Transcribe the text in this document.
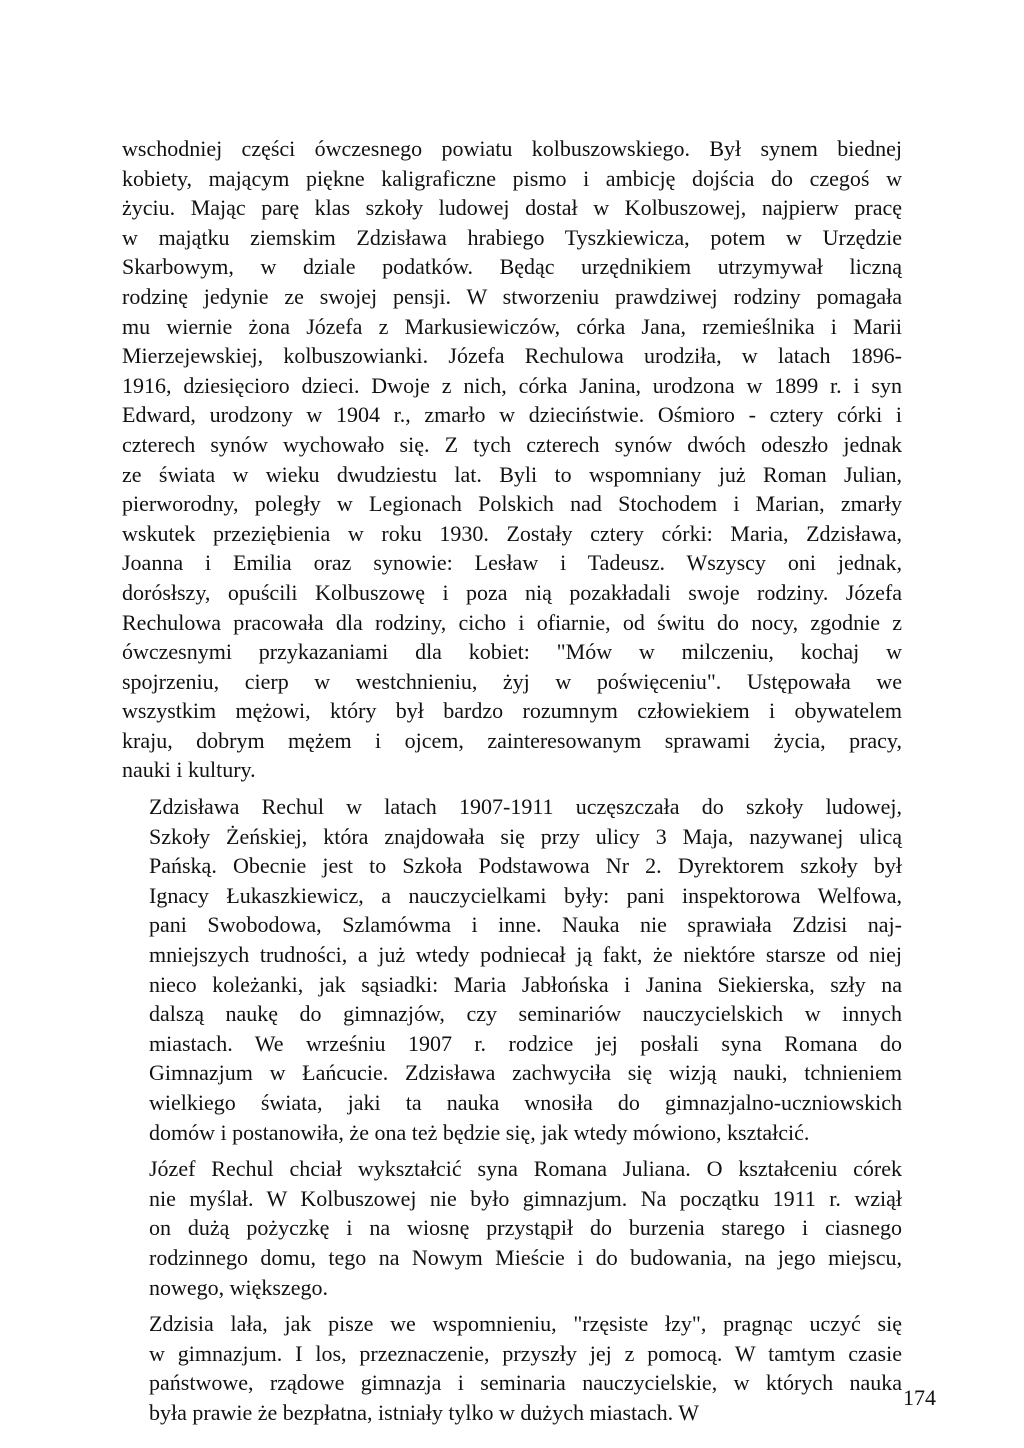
wschodniej części ówczesnego powiatu kolbuszowskiego. Był synem biednej
kobiety, mającym piękne kaligraficzne pismo i ambicję dojścia do czegoś w
życiu. Mając parę klas szkoły ludowej dostał w Kolbuszowej, najpierw pracę
w majątku ziemskim Zdzisława hrabiego Tyszkiewicza, potem w Urzędzie
Skarbowym, w dziale podatków. Będąc urzędnikiem utrzymywał liczną
rodzinę jedynie ze swojej pensji. W stworzeniu prawdziwej rodziny pomagała
mu wiernie żona Józefa z Markusiewiczów, córka Jana, rzemieślnika i Marii
Mierzejewskiej, kolbuszowianki. Józefa Rechulowa urodziła, w latach 1896-
1916, dziesięcioro dzieci. Dwoje z nich, córka Janina, urodzona w 1899 r. i syn
Edward, urodzony w 1904 r., zmarło w dzieciństwie. Ośmioro - cztery córki i
czterech synów wychowało się. Z tych czterech synów dwóch odeszło jednak
ze świata w wieku dwudziestu lat. Byli to wspomniany już Roman Julian,
pierworodny, poległy w Legionach Polskich nad Stochodem i Marian, zmarły
wskutek przeziębienia w roku 1930. Zostały cztery córki: Maria, Zdzisława,
Joanna i Emilia oraz synowie: Lesław i Tadeusz. Wszyscy oni jednak,
dorósłszy, opuścili Kolbuszowę i poza nią pozakładali swoje rodziny. Józefa
Rechulowa pracowała dla rodziny, cicho i ofiarnie, od świtu do nocy, zgodnie z
ówczesnymi przykazaniami dla kobiet: "Mów w milczeniu, kochaj w
spojrzeniu, cierp w westchnieniu, żyj w poświęceniu". Ustępowała we
wszystkim mężowi, który był bardzo rozumnym człowiekiem i obywatelem
kraju, dobrym mężem i ojcem, zainteresowanym sprawami życia, pracy,
nauki i kultury.

Zdzisława Rechul w latach 1907-1911 uczęszczała do szkoły ludowej,
Szkoły Żeńskiej, która znajdowała się przy ulicy 3 Maja, nazywanej ulicą
Pańską. Obecnie jest to Szkoła Podstawowa Nr 2. Dyrektorem szkoły był
Ignacy Łukaszkiewicz, a nauczycielkami były: pani inspektorowa Welfowa,
pani Swobodowa, Szlamówma i inne. Nauka nie sprawiała Zdzisi naj-
mniejszych trudności, a już wtedy podniecał ją fakt, że niektóre starsze od niej
nieco koleżanki, jak sąsiadki: Maria Jabłońska i Janina Siekierska, szły na
dalszą naukę do gimnazjów, czy seminariów nauczycielskich w innych
miastach. We wrześniu 1907 r. rodzice jej posłali syna Romana do
Gimnazjum w Łańcucie. Zdzisława zachwyciła się wizją nauki, tchnieniem
wielkiego świata, jaki ta nauka wnosiła do gimnazjalno-uczniowskich
domów i postanowiła, że ona też będzie się, jak wtedy mówiono, kształcić.

Józef Rechul chciał wykształcić syna Romana Juliana. O kształceniu córek
nie myślał. W Kolbuszowej nie było gimnazjum. Na początku 1911 r. wziął
on dużą pożyczkę i na wiosnę przystąpił do burzenia starego i ciasnego
rodzinnego domu, tego na Nowym Mieście i do budowania, na jego miejscu,
nowego, większego.

Zdzisia lała, jak pisze we wspomnieniu, "rzęsiste łzy", pragnąc uczyć się
w gimnazjum. I los, przeznaczenie, przyszły jej z pomocą. W tamtym czasie
państwowe, rządowe gimnazja i seminaria nauczycielskie, w których nauka
była prawie że bezpłatna, istniały tylko w dużych miastach. W

174
